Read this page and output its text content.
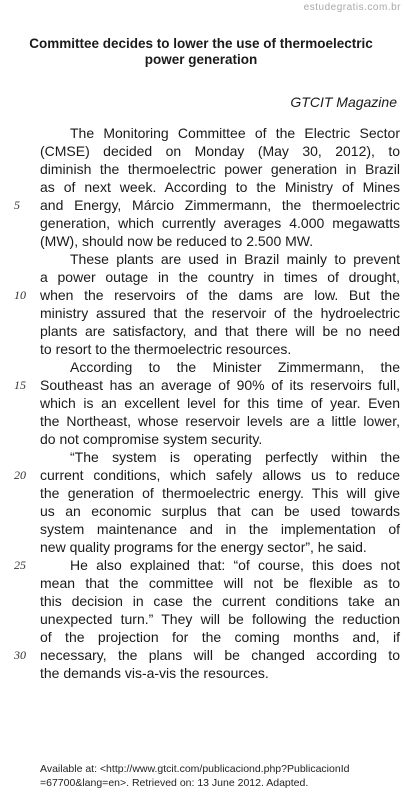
estudegratis.com.br
Committee decides to lower the use of thermoelectric
power generation
GTCIT Magazine
The Monitoring Committee of the Electric Sector
(CMSE) decided on Monday (May 30, 2012), to
diminish the thermoelectric power generation in Brazil
as of next week. According to the Ministry of Mines
and Energy, Márcio Zimmermann, the thermoelectric
generation, which currently averages 4.000 megawatts
(MW), should now be reduced to 2.500 MW.
These plants are used in Brazil mainly to prevent
a power outage in the country in times of drought,
when the reservoirs of the dams are low. But the
ministry assured that the reservoir of the hydroelectric
plants are satisfactory, and that there will be no need
to resort to the thermoelectric resources.
According to the Minister Zimmermann, the
Southeast has an average of 90% of its reservoirs full,
which is an excellent level for this time of year. Even
the Northeast, whose reservoir levels are a little lower,
do not compromise system security.
“The system is operating perfectly within the
current conditions, which safely allows us to reduce
the generation of thermoelectric energy. This will give
us an economic surplus that can be used towards
system maintenance and in the implementation of
new quality programs for the energy sector”, he said.
He also explained that: “of course, this does not
mean that the committee will not be flexible as to
this decision in case the current conditions take an
unexpected turn.” They will be following the reduction
of the projection for the coming months and, if
necessary, the plans will be changed according to
the demands vis-a-vis the resources.
5
10
15
20
25
30
Available at: <http://www.gtcit.com/publicaciond.php?PublicacionId
=67700&lang=en>. Retrieved on: 13 June 2012. Adapted.
